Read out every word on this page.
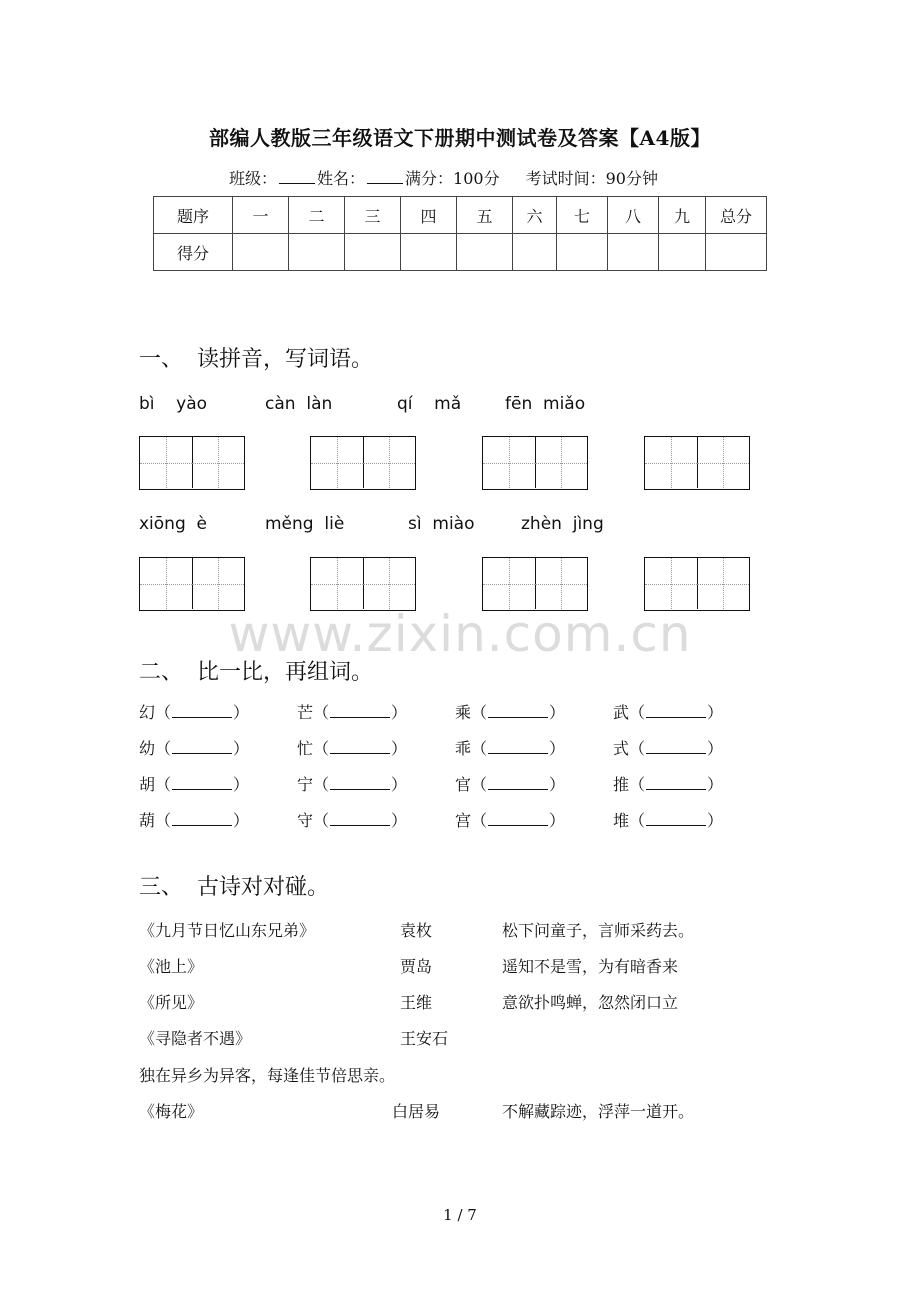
部编人教版三年级语文下册期中测试卷及答案【A4版】
班级：	姓名：	满分：100分 考试时间：90分钟
题序	一	二	三	四	五	六	七	八	九	总分
得分										
一、  读拼音，写词语。
bì    yào	càn  làn	qí    mǎ	fēn  miǎo
xiōng  è	měng  liè	sì  miào	zhèn  jìng
www.zixin.com.cn
二、  比一比，再组词。
幻（	）	芒（	）	乘（	）	武（	）
幼（	）	忙（	）	乖（	）	式（	）
胡（	）	宁（	）	官（	）	推（	）
葫（	）	守（	）	宫（	）	堆（	）
三、  古诗对对碰。
《九月节日忆山东兄弟》	袁枚	松下问童子，言师采药去。
《池上》	贾岛	遥知不是雪，为有暗香来
《所见》	王维	意欲扑鸣蝉，忽然闭口立
《寻隐者不遇》	王安石
独在异乡为异客，每逢佳节倍思亲。
《梅花》	白居易	不解藏踪迹，浮萍一道开。
1 / 7
